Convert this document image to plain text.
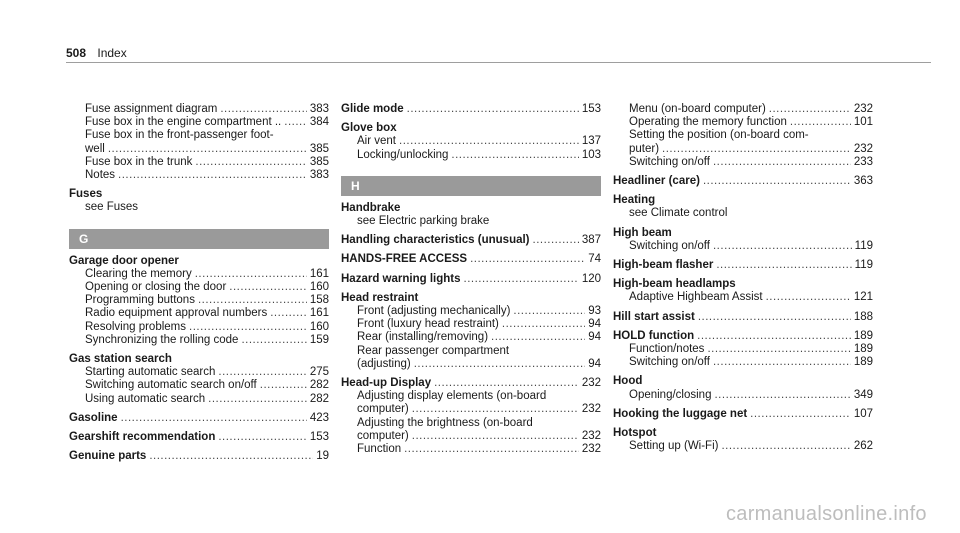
508 Index
Fuse assignment diagram .....	383
Fuse box in the engine compartment .. ..... 384
Fuse box in the front-passenger foot-
well .....	385
Fuse box in the trunk .....	385
Notes .....	383
Fuses
see Fuses
G
Garage door opener
Clearing the memory .....	161
Opening or closing the door .....	160
Programming buttons .....	158
Radio equipment approval numbers .....	161
Resolving problems .....	160
Synchronizing the rolling code .....	159
Gas station search
Starting automatic search .....	275
Switching automatic search on/off .....	282
Using automatic search .....	282
Gasoline .....	423
Gearshift recommendation .....	153
Genuine parts .....	19
Glide mode .....	153
Glove box
Air vent .....	137
Locking/unlocking .....	103
H
Handbrake
see Electric parking brake
Handling characteristics (unusual) .....	387
HANDS-FREE ACCESS .....	74
Hazard warning lights .....	120
Head restraint
Front (adjusting mechanically) .....	93
Front (luxury head restraint) .....	94
Rear (installing/removing) .....	94
Rear passenger compartment
(adjusting) .....	94
Head-up Display .....	232
Adjusting display elements (on-board
computer) .....	232
Adjusting the brightness (on-board
computer) .....	232
Function .....	232
Menu (on-board computer) .....	232
Operating the memory function .....	101
Setting the position (on-board com-
puter) .....	232
Switching on/off .....	233
Headliner (care) .....	363
Heating
see Climate control
High beam
Switching on/off .....	119
High-beam flasher .....	119
High-beam headlamps
Adaptive Highbeam Assist .....	121
Hill start assist .....	188
HOLD function .....	189
Function/notes .....	189
Switching on/off .....	189
Hood
Opening/closing .....	349
Hooking the luggage net .....	107
Hotspot
Setting up (Wi-Fi) .....	262
carmanualsonline.info
